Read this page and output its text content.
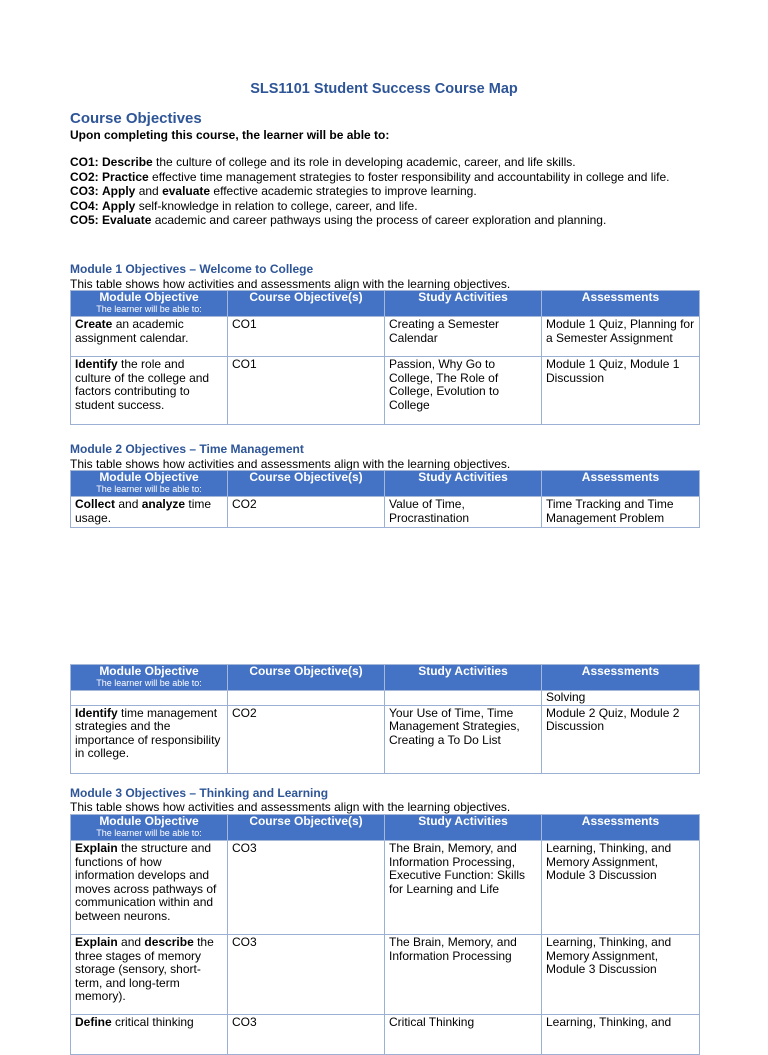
SLS1101 Student Success Course Map
Course Objectives
Upon completing this course, the learner will be able to:
CO1: Describe the culture of college and its role in developing academic, career, and life skills.
CO2: Practice effective time management strategies to foster responsibility and accountability in college and life.
CO3: Apply and evaluate effective academic strategies to improve learning.
CO4: Apply self-knowledge in relation to college, career, and life.
CO5: Evaluate academic and career pathways using the process of career exploration and planning.
Module 1 Objectives – Welcome to College
This table shows how activities and assessments align with the learning objectives.
Module Objective
The learner will be able to:	Course Objective(s)	Study Activities	Assessments
Create an academic assignment calendar.	CO1	Creating a Semester Calendar	Module 1 Quiz, Planning for a Semester Assignment
Identify the role and culture of the college and factors contributing to student success.	CO1	Passion, Why Go to College, The Role of College, Evolution to College	Module 1 Quiz, Module 1 Discussion
Module 2 Objectives – Time Management
This table shows how activities and assessments align with the learning objectives.
Module Objective
The learner will be able to:	Course Objective(s)	Study Activities	Assessments
Collect and analyze time usage.	CO2	Value of Time, Procrastination	Time Tracking and Time Management Problem
Module Objective
The learner will be able to:	Course Objective(s)	Study Activities	Assessments
			Solving
Identify time management strategies and the importance of responsibility in college.	CO2	Your Use of Time, Time Management Strategies, Creating a To Do List	Module 2 Quiz, Module 2 Discussion
Module 3 Objectives – Thinking and Learning
This table shows how activities and assessments align with the learning objectives.
Module Objective
The learner will be able to:	Course Objective(s)	Study Activities	Assessments
Explain the structure and functions of how information develops and moves across pathways of communication within and between neurons.	CO3	The Brain, Memory, and Information Processing, Executive Function: Skills for Learning and Life	Learning, Thinking, and Memory Assignment, Module 3 Discussion
Explain and describe the three stages of memory storage (sensory, short-term, and long-term memory).	CO3	The Brain, Memory, and Information Processing	Learning, Thinking, and Memory Assignment, Module 3 Discussion
Define critical thinking	CO3	Critical Thinking	Learning, Thinking, and
